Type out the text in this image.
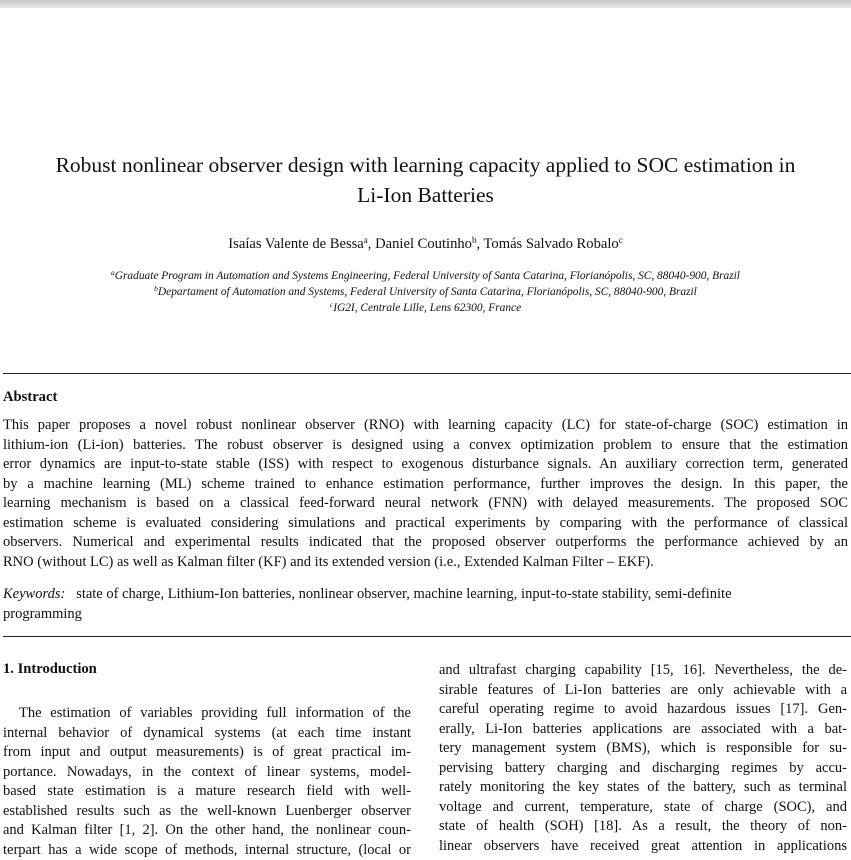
Robust nonlinear observer design with learning capacity applied to SOC estimation in
Li-Ion Batteries
Isaías Valente de Bessa$^a$, Daniel Coutinho$^b$, Tomás Salvado Robalo$^c$
$^a$Graduate Program in Automation and Systems Engineering, Federal University of Santa Catarina, Florianópolis, SC, 88040-900, Brazil
$^b$Departament of Automation and Systems, Federal University of Santa Catarina, Florianópolis, SC, 88040-900, Brazil
$^c$IG2I, Centrale Lille, Lens 62300, France
Abstract
This paper proposes a novel robust nonlinear observer (RNO) with learning capacity (LC) for state-of-charge (SOC) estimation in
lithium-ion (Li-ion) batteries. The robust observer is designed using a convex optimization problem to ensure that the estimation
error dynamics are input-to-state stable (ISS) with respect to exogenous disturbance signals. An auxiliary correction term, generated
by a machine learning (ML) scheme trained to enhance estimation performance, further improves the design. In this paper, the
learning mechanism is based on a classical feed-forward neural network (FNN) with delayed measurements. The proposed SOC
estimation scheme is evaluated considering simulations and practical experiments by comparing with the performance of classical
observers. Numerical and experimental results indicated that the proposed observer outperforms the performance achieved by an
RNO (without LC) as well as Kalman filter (KF) and its extended version (i.e., Extended Kalman Filter – EKF).
Keywords: state of charge, Lithium-Ion batteries, nonlinear observer, machine learning, input-to-state stability, semi-definite
programming
1. Introduction
The estimation of variables providing full information of the
internal behavior of dynamical systems (at each time instant
from input and output measurements) is of great practical im-
portance. Nowadays, in the context of linear systems, model-
based state estimation is a mature research field with well-
established results such as the well-known Luenberger observer
and Kalman filter [1, 2]. On the other hand, the nonlinear coun-
terpart has a wide scope of methods, internal structure, (local or
and ultrafast charging capability [15, 16]. Nevertheless, the de-
sirable features of Li-Ion batteries are only achievable with a
careful operating regime to avoid hazardous issues [17]. Gen-
erally, Li-Ion batteries applications are associated with a bat-
tery management system (BMS), which is responsible for su-
pervising battery charging and discharging regimes by accu-
rately monitoring the key states of the battery, such as terminal
voltage and current, temperature, state of charge (SOC), and
state of health (SOH) [18]. As a result, the theory of non-
linear observers have received great attention in applications
